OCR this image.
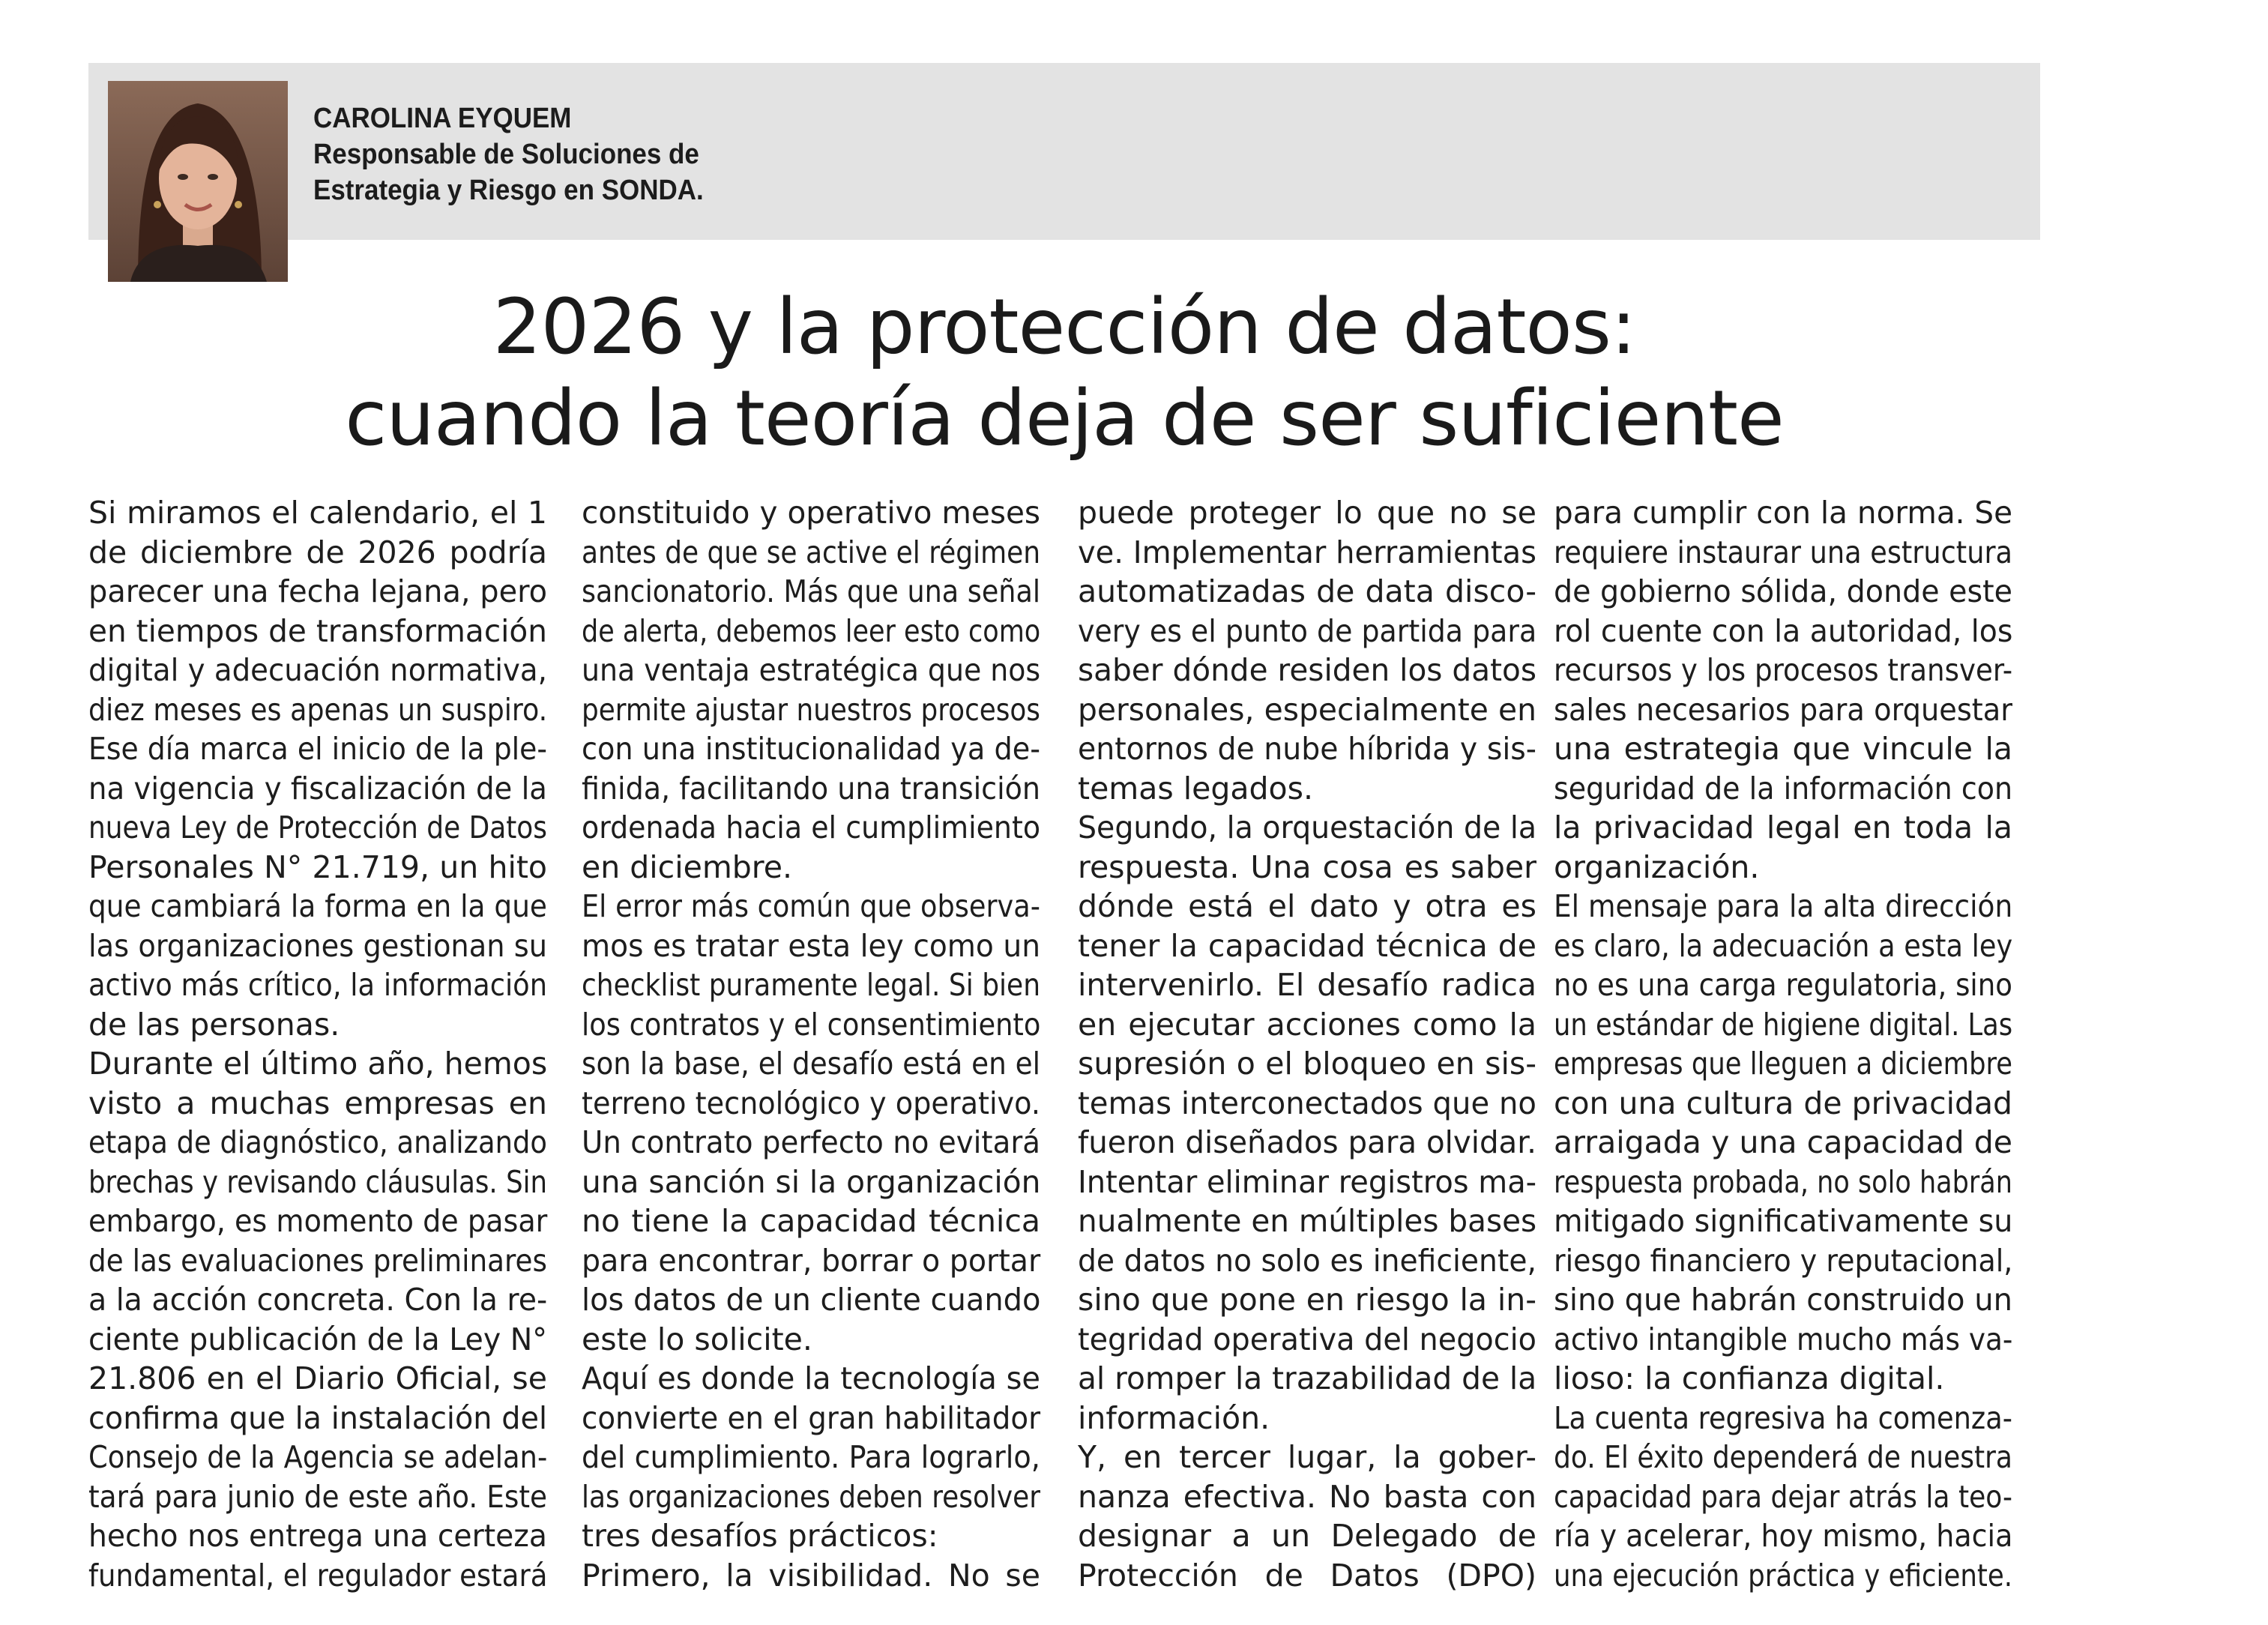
CAROLINA EYQUEM
Responsable de Soluciones de
Estrategia y Riesgo en SONDA.
2026 y la protección de datos:
cuando la teoría deja de ser suficiente
Si miramos el calendario, el 1
de diciembre de 2026 podría
parecer una fecha lejana, pero
en tiempos de transformación
digital y adecuación normativa,
diez meses es apenas un suspiro.
Ese día marca el inicio de la ple-
na vigencia y fiscalización de la
nueva Ley de Protección de Datos
Personales N° 21.719, un hito
que cambiará la forma en la que
las organizaciones gestionan su
activo más crítico, la información
de las personas.
Durante el último año, hemos
visto a muchas empresas en
etapa de diagnóstico, analizando
brechas y revisando cláusulas. Sin
embargo, es momento de pasar
de las evaluaciones preliminares
a la acción concreta. Con la re-
ciente publicación de la Ley N°
21.806 en el Diario Oficial, se
confirma que la instalación del
Consejo de la Agencia se adelan-
tará para junio de este año. Este
hecho nos entrega una certeza
fundamental, el regulador estará
constituido y operativo meses
antes de que se active el régimen
sancionatorio. Más que una señal
de alerta, debemos leer esto como
una ventaja estratégica que nos
permite ajustar nuestros procesos
con una institucionalidad ya de-
finida, facilitando una transición
ordenada hacia el cumplimiento
en diciembre.
El error más común que observa-
mos es tratar esta ley como un
checklist puramente legal. Si bien
los contratos y el consentimiento
son la base, el desafío está en el
terreno tecnológico y operativo.
Un contrato perfecto no evitará
una sanción si la organización
no tiene la capacidad técnica
para encontrar, borrar o portar
los datos de un cliente cuando
este lo solicite.
Aquí es donde la tecnología se
convierte en el gran habilitador
del cumplimiento. Para lograrlo,
las organizaciones deben resolver
tres desafíos prácticos:
Primero, la visibilidad. No se
puede proteger lo que no se
ve. Implementar herramientas
automatizadas de data disco-
very es el punto de partida para
saber dónde residen los datos
personales, especialmente en
entornos de nube híbrida y sis-
temas legados.
Segundo, la orquestación de la
respuesta. Una cosa es saber
dónde está el dato y otra es
tener la capacidad técnica de
intervenirlo. El desafío radica
en ejecutar acciones como la
supresión o el bloqueo en sis-
temas interconectados que no
fueron diseñados para olvidar.
Intentar eliminar registros ma-
nualmente en múltiples bases
de datos no solo es ineficiente,
sino que pone en riesgo la in-
tegridad operativa del negocio
al romper la trazabilidad de la
información.
Y, en tercer lugar, la gober-
nanza efectiva. No basta con
designar a un Delegado de
Protección de Datos (DPO)
para cumplir con la norma. Se
requiere instaurar una estructura
de gobierno sólida, donde este
rol cuente con la autoridad, los
recursos y los procesos transver-
sales necesarios para orquestar
una estrategia que vincule la
seguridad de la información con
la privacidad legal en toda la
organización.
El mensaje para la alta dirección
es claro, la adecuación a esta ley
no es una carga regulatoria, sino
un estándar de higiene digital. Las
empresas que lleguen a diciembre
con una cultura de privacidad
arraigada y una capacidad de
respuesta probada, no solo habrán
mitigado significativamente su
riesgo financiero y reputacional,
sino que habrán construido un
activo intangible mucho más va-
lioso: la confianza digital.
La cuenta regresiva ha comenza-
do. El éxito dependerá de nuestra
capacidad para dejar atrás la teo-
ría y acelerar, hoy mismo, hacia
una ejecución práctica y eficiente.
